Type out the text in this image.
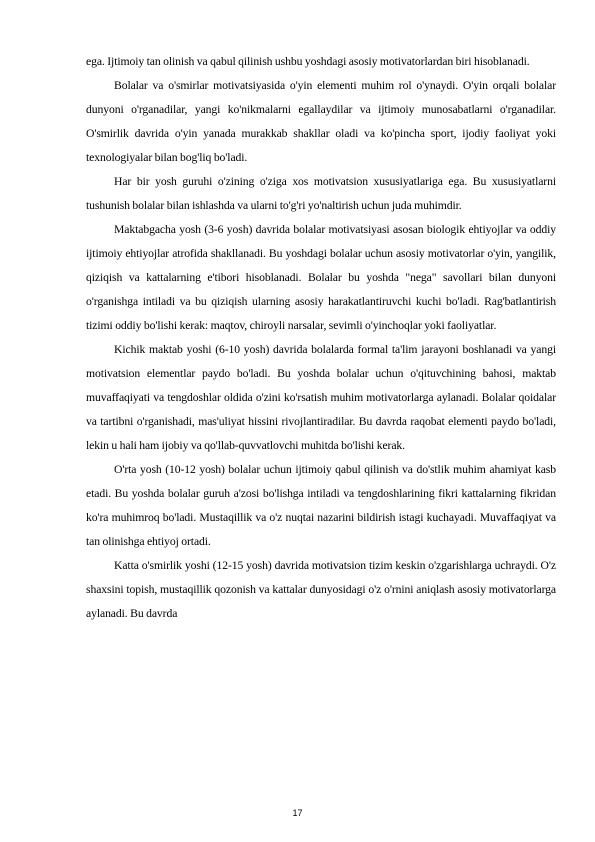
ega. Ijtimoiy tan olinish va qabul qilinish ushbu yoshdagi asosiy motivatorlardan biri hisoblanadi.

Bolalar va o'smirlar motivatsiyasida o'yin elementi muhim rol o'ynaydi. O'yin orqali bolalar dunyoni o'rganadilar, yangi ko'nikmalarni egallaydilar va ijtimoiy munosabatlarni o'rganadilar. O'smirlik davrida o'yin yanada murakkab shakllar oladi va ko'pincha sport, ijodiy faoliyat yoki texnologiyalar bilan bog'liq bo'ladi.

Har bir yosh guruhi o'zining o'ziga xos motivatsion xususiyatlariga ega. Bu xususiyatlarni tushunish bolalar bilan ishlashda va ularni to'g'ri yo'naltirish uchun juda muhimdir.

Maktabgacha yosh (3-6 yosh) davrida bolalar motivatsiyasi asosan biologik ehtiyojlar va oddiy ijtimoiy ehtiyojlar atrofida shakllanadi. Bu yoshdagi bolalar uchun asosiy motivatorlar o'yin, yangilik, qiziqish va kattalarning e'tibori hisoblanadi. Bolalar bu yoshda "nega" savollari bilan dunyoni o'rganishga intiladi va bu qiziqish ularning asosiy harakatlantiruvchi kuchi bo'ladi. Rag'batlantirish tizimi oddiy bo'lishi kerak: maqtov, chiroyli narsalar, sevimli o'yinchoqlar yoki faoliyatlar.

Kichik maktab yoshi (6-10 yosh) davrida bolalarda formal ta'lim jarayoni boshlanadi va yangi motivatsion elementlar paydo bo'ladi. Bu yoshda bolalar uchun o'qituvchining bahosi, maktab muvaffaqiyati va tengdoshlar oldida o'zini ko'rsatish muhim motivatorlarga aylanadi. Bolalar qoidalar va tartibni o'rganishadi, mas'uliyat hissini rivojlantiradilar. Bu davrda raqobat elementi paydo bo'ladi, lekin u hali ham ijobiy va qo'llab-quvvatlovchi muhitda bo'lishi kerak.

O'rta yosh (10-12 yosh) bolalar uchun ijtimoiy qabul qilinish va do'stlik muhim ahamiyat kasb etadi. Bu yoshda bolalar guruh a'zosi bo'lishga intiladi va tengdoshlarining fikri kattalarning fikridan ko'ra muhimroq bo'ladi. Mustaqillik va o'z nuqtai nazarini bildirish istagi kuchayadi. Muvaffaqiyat va tan olinishga ehtiyoj ortadi.

Katta o'smirlik yoshi (12-15 yosh) davrida motivatsion tizim keskin o'zgarishlarga uchraydi. O'z shaxsini topish, mustaqillik qozonish va kattalar dunyosidagi o'z o'rnini aniqlash asosiy motivatorlarga aylanadi. Bu davrda

17
